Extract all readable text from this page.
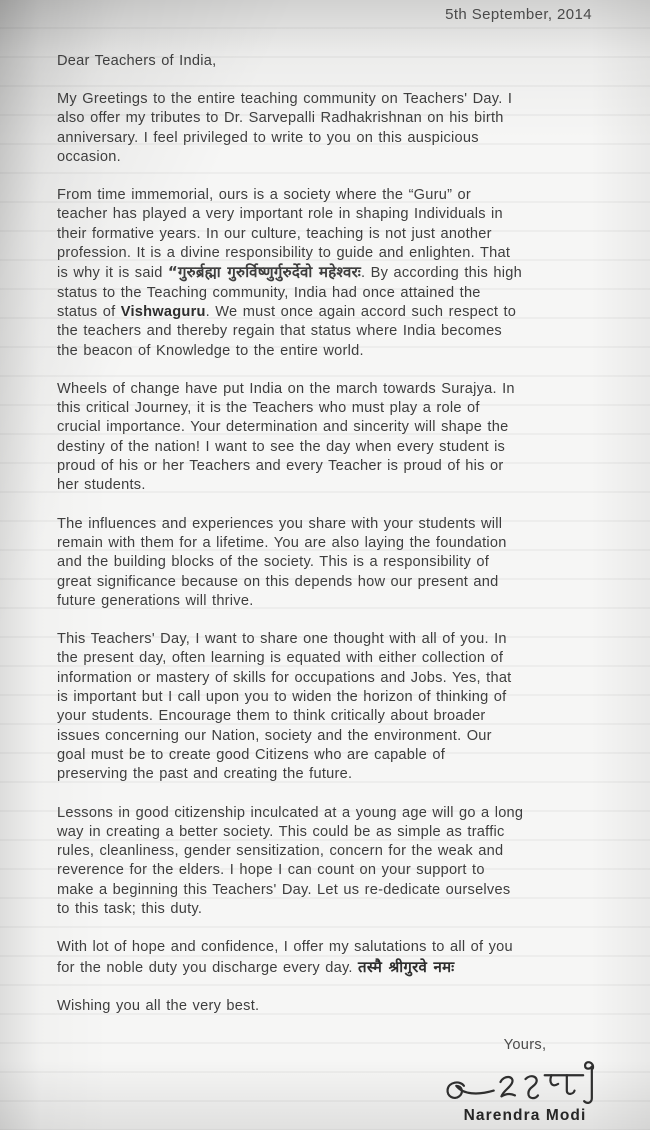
5th September, 2014
Dear Teachers of India,
My Greetings to the entire teaching community on Teachers' Day. I
also offer my tributes to Dr. Sarvepalli Radhakrishnan on his birth
anniversary. I feel privileged to write to you on this auspicious
occasion.
From time immemorial, ours is a society where the “Guru” or
teacher has played a very important role in shaping Individuals in
their formative years. In our culture, teaching is not just another
profession. It is a divine responsibility to guide and enlighten. That
is why it is said “गुरुर्ब्रह्मा गुरुर्विष्णुर्गुरुर्देवो महेश्वरः. By according this high
status to the Teaching community, India had once attained the
status of Vishwaguru. We must once again accord such respect to
the teachers and thereby regain that status where India becomes
the beacon of Knowledge to the entire world.
Wheels of change have put India on the march towards Surajya. In
this critical Journey, it is the Teachers who must play a role of
crucial importance. Your determination and sincerity will shape the
destiny of the nation! I want to see the day when every student is
proud of his or her Teachers and every Teacher is proud of his or
her students.
The influences and experiences you share with your students will
remain with them for a lifetime. You are also laying the foundation
and the building blocks of the society. This is a responsibility of
great significance because on this depends how our present and
future generations will thrive.
This Teachers' Day, I want to share one thought with all of you. In
the present day, often learning is equated with either collection of
information or mastery of skills for occupations and Jobs. Yes, that
is important but I call upon you to widen the horizon of thinking of
your students. Encourage them to think critically about broader
issues concerning our Nation, society and the environment. Our
goal must be to create good Citizens who are capable of
preserving the past and creating the future.
Lessons in good citizenship inculcated at a young age will go a long
way in creating a better society. This could be as simple as traffic
rules, cleanliness, gender sensitization, concern for the weak and
reverence for the elders. I hope I can count on your support to
make a beginning this Teachers' Day. Let us re-dedicate ourselves
to this task; this duty.
With lot of hope and confidence, I offer my salutations to all of you
for the noble duty you discharge every day. तस्मै श्रीगुरवे नमः
Wishing you all the very best.
Yours,
Narendra Modi
